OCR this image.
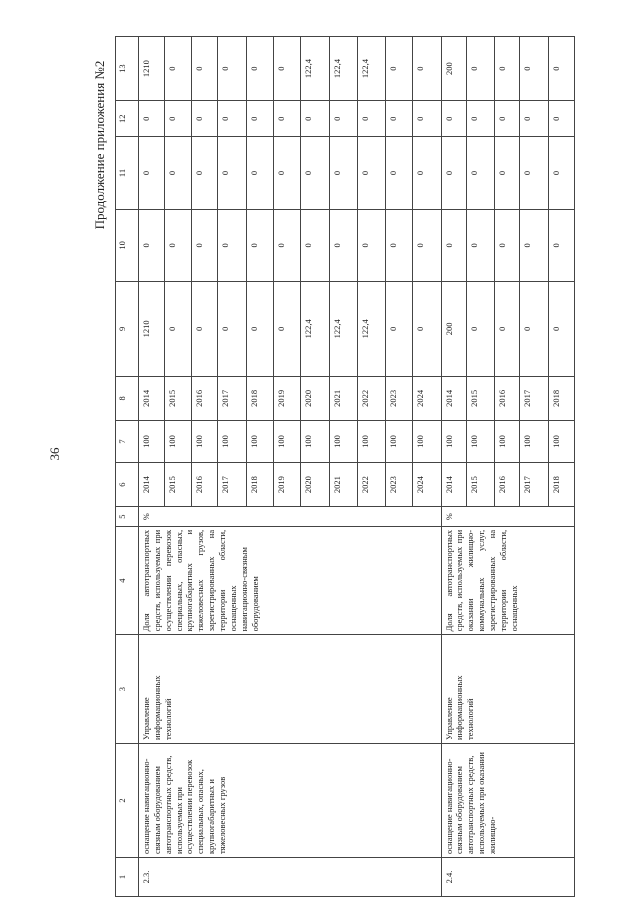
36
Продолжение приложения №2
1	2	3	4	5	6	7	8	9	10	11	12	13
2.3.	оснащение навигационно-связным оборудованием автотранспортных средств, используемых при осуществлении перевозок специальных, опасных, крупногабаритных и тяжеловесных грузов	Управление информационных технологий	Доля автотранспортных средств, используемых при осуществлении перевозок специальных, опасных, крупногабаритных и тяжеловесных грузов, зарегистрированных на территории области, оснащенных навигационно-связным оборудованием	%	2014	100	2014	1210	0	0	0	1210
					2015	100	2015	0	0	0	0	0
					2016	100	2016	0	0	0	0	0
					2017	100	2017	0	0	0	0	0
					2018	100	2018	0	0	0	0	0
					2019	100	2019	0	0	0	0	0
					2020	100	2020	122,4	0	0	0	122,4
					2021	100	2021	122,4	0	0	0	122,4
					2022	100	2022	122,4	0	0	0	122,4
					2023	100	2023	0	0	0	0	0
					2024	100	2024	0	0	0	0	0
2.4.	оснащение навигационно-связным оборудованием автотранспортных средств, используемых при оказании жилищно-	Управление информационных технологий	Доля автотранспортных средств, используемых при оказании жилищно-коммунальных услуг, зарегистрированных на территории области, оснащенных	%	2014	100	2014	200	0	0	0	200
					2015	100	2015	0	0	0	0	0
					2016	100	2016	0	0	0	0	0
					2017	100	2017	0	0	0	0	0
					2018	100	2018	0	0	0	0	0
